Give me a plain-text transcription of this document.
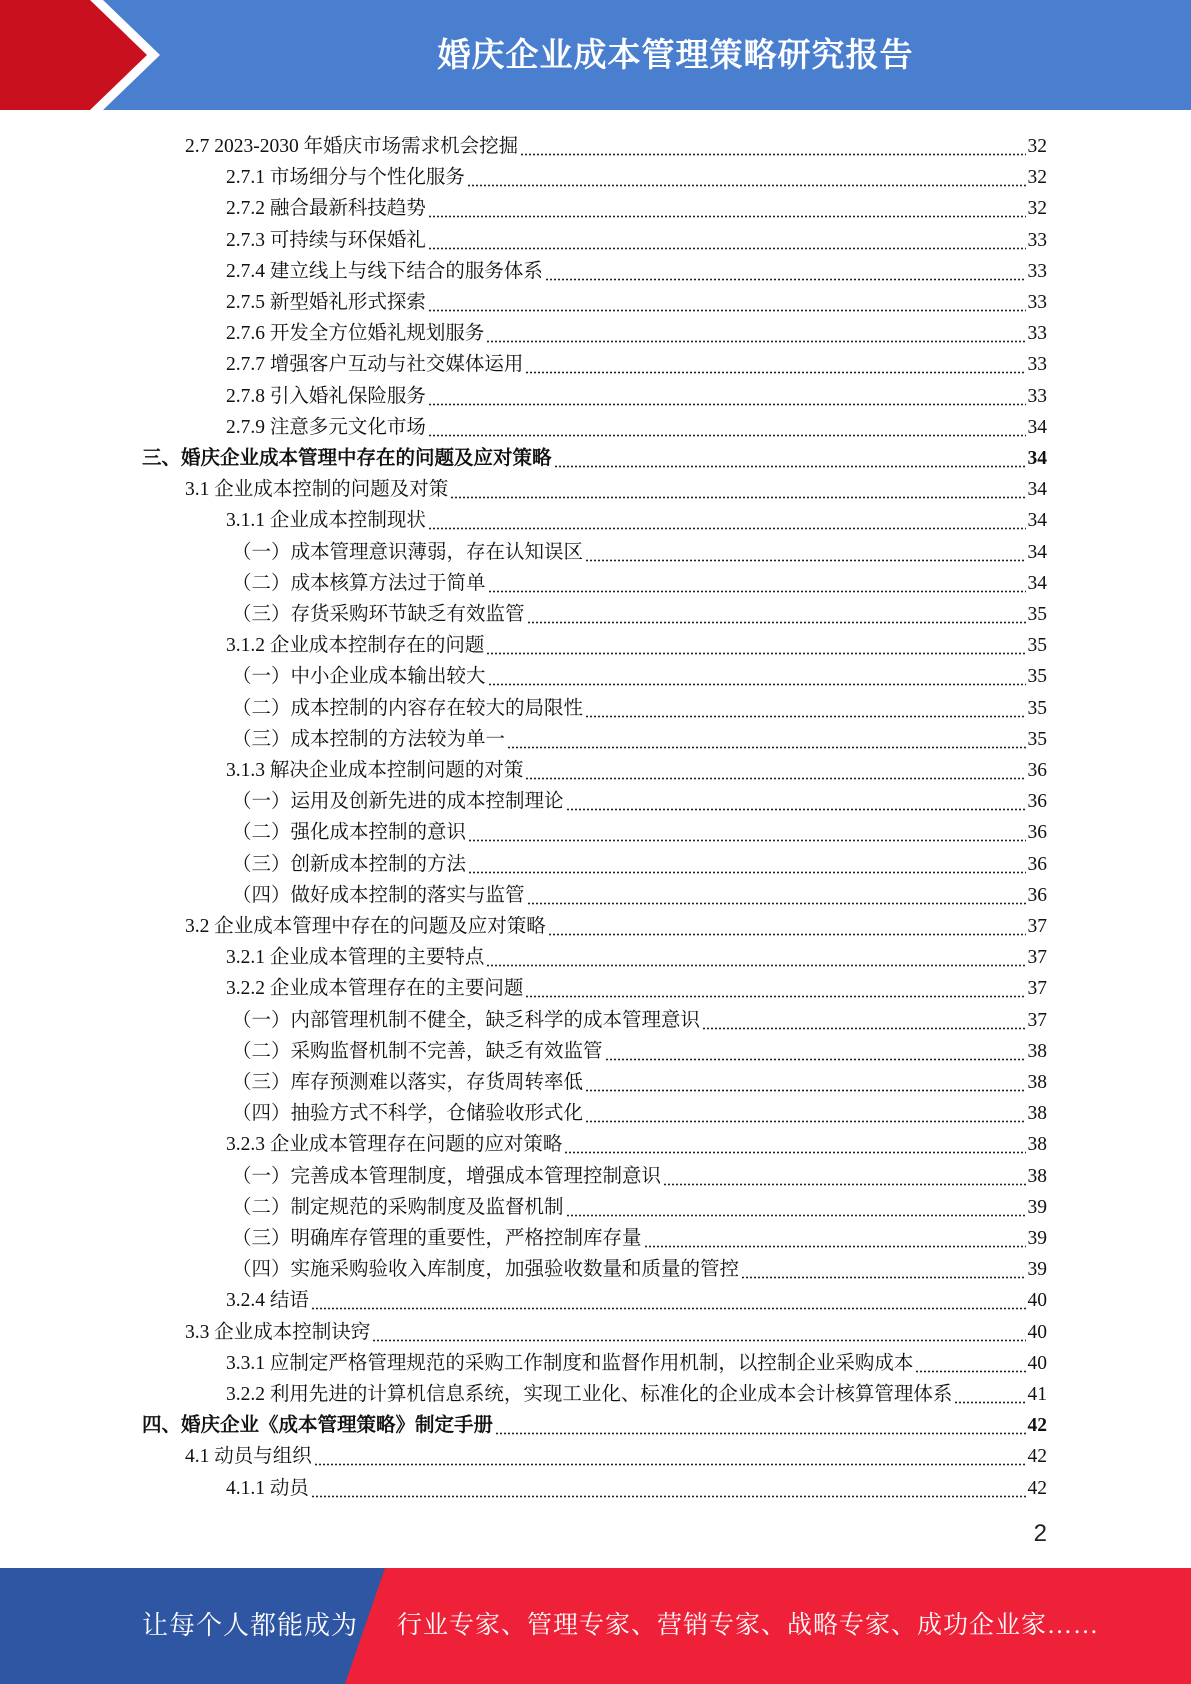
婚庆企业成本管理策略研究报告
2.7 2023-2030 年婚庆市场需求机会挖掘	32
2.7.1 市场细分与个性化服务	32
2.7.2 融合最新科技趋势	32
2.7.3 可持续与环保婚礼	33
2.7.4 建立线上与线下结合的服务体系	33
2.7.5 新型婚礼形式探索	33
2.7.6 开发全方位婚礼规划服务	33
2.7.7 增强客户互动与社交媒体运用	33
2.7.8 引入婚礼保险服务	33
2.7.9 注意多元文化市场	34
三、婚庆企业成本管理中存在的问题及应对策略	34
3.1 企业成本控制的问题及对策	34
3.1.1 企业成本控制现状	34
（一）成本管理意识薄弱，存在认知误区	34
（二）成本核算方法过于简单	34
（三）存货采购环节缺乏有效监管	35
3.1.2 企业成本控制存在的问题	35
（一）中小企业成本输出较大	35
（二）成本控制的内容存在较大的局限性	35
（三）成本控制的方法较为单一	35
3.1.3 解决企业成本控制问题的对策	36
（一）运用及创新先进的成本控制理论	36
（二）强化成本控制的意识	36
（三）创新成本控制的方法	36
（四）做好成本控制的落实与监管	36
3.2 企业成本管理中存在的问题及应对策略	37
3.2.1 企业成本管理的主要特点	37
3.2.2 企业成本管理存在的主要问题	37
（一）内部管理机制不健全，缺乏科学的成本管理意识	37
（二）采购监督机制不完善，缺乏有效监管	38
（三）库存预测难以落实，存货周转率低	38
（四）抽验方式不科学，仓储验收形式化	38
3.2.3 企业成本管理存在问题的应对策略	38
（一）完善成本管理制度，增强成本管理控制意识	38
（二）制定规范的采购制度及监督机制	39
（三）明确库存管理的重要性，严格控制库存量	39
（四）实施采购验收入库制度，加强验收数量和质量的管控	39
3.2.4 结语	40
3.3 企业成本控制诀窍	40
3.3.1 应制定严格管理规范的采购工作制度和监督作用机制，以控制企业采购成本	40
3.2.2 利用先进的计算机信息系统，实现工业化、标准化的企业成本会计核算管理体系	41
四、婚庆企业《成本管理策略》制定手册	42
4.1 动员与组织	42
4.1.1 动员	42
2
让每个人都能成为 行业专家、管理专家、营销专家、战略专家、成功企业家……
